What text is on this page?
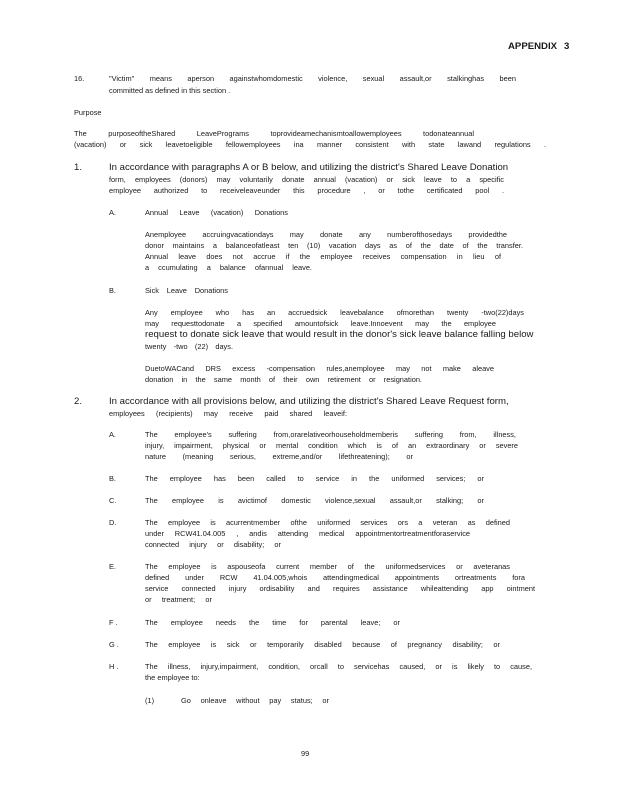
APPENDIX 3
16.	"Victim" means aperson againstwhomdomestic violence, sexual assault,or stalkinghas been
committed as defined in this section .
Purpose
The purposeoftheShared LeavePrograms toprovideamechanismtoallowemployees todonateannual
(vacation) or sick leavetoeligible fellowemployees ina manner consistent with state lawand regulations .
1.	In accordance with paragraphs A or B below, and utilizing the district's Shared Leave Donation
form, employees (donors) may voluntarily donate annual (vacation) or sick leave to a specific
employee authorized to receiveleaveunder this procedure , or tothe certificated pool .
A.	Annual Leave (vacation) Donations
Anemployee accruingvacationdays may donate any numberofthosedays providedthe
donor maintains a balanceofatleast ten (10) vacation days as of the date of the transfer.
Annual leave does not accrue if the employee receives compensation in lieu of
a ccumulating a balance ofannual leave.
B.	Sick Leave Donations
Any employee who has an accruedsick leavebalance ofmorethan twenty -two(22)days
may requesttodonate a specified amountofsick leave.Innoevent may the employee
request to donate sick leave that would result in the donor's sick leave balance falling below
twenty -two (22) days.
DuetoWACand DRS excess -compensation rules,anemployee may not make aleave
donation in the same month of their own retirement or resignation.
2.	In accordance with all provisions below, and utilizing the district's Shared Leave Request form,
employees (recipients) may receive paid shared leaveif:
A.	The employee's suffering from,orarelativeorhouseholdmemberis suffering from, illness,
injury, impairment, physical or mental condition which is of an extraordinary or severe
nature (meaning serious, extreme,and/or lifethreatening); or
B.	The employee has been called to service in the uniformed services; or
C.	The employee is avictimof domestic violence,sexual assault,or stalking; or
D.	The employee is acurrentmember ofthe uniformed services ors a veteran as defined
under RCW41.04.005 , andis attending medical appointmentortreatmentforaservice
connected injury or disability; or
E.	The employee is aspouseofa current member of the uniformedservices or aveteranas
defined under RCW 41.04.005,whois attendingmedical appointments ortreatments fora
service connected injury ordisability and requires assistance whileattending app ointment
or treatment; or
F .	The employee needs the time for parental leave; or
G .	The employee is sick or temporarily disabled because of pregnancy disability; or
H .	The illness, injury,impairment, condition, orcall to servicehas caused, or is likely to cause,
the employee to:
(1)	Go onleave without pay status; or
99
